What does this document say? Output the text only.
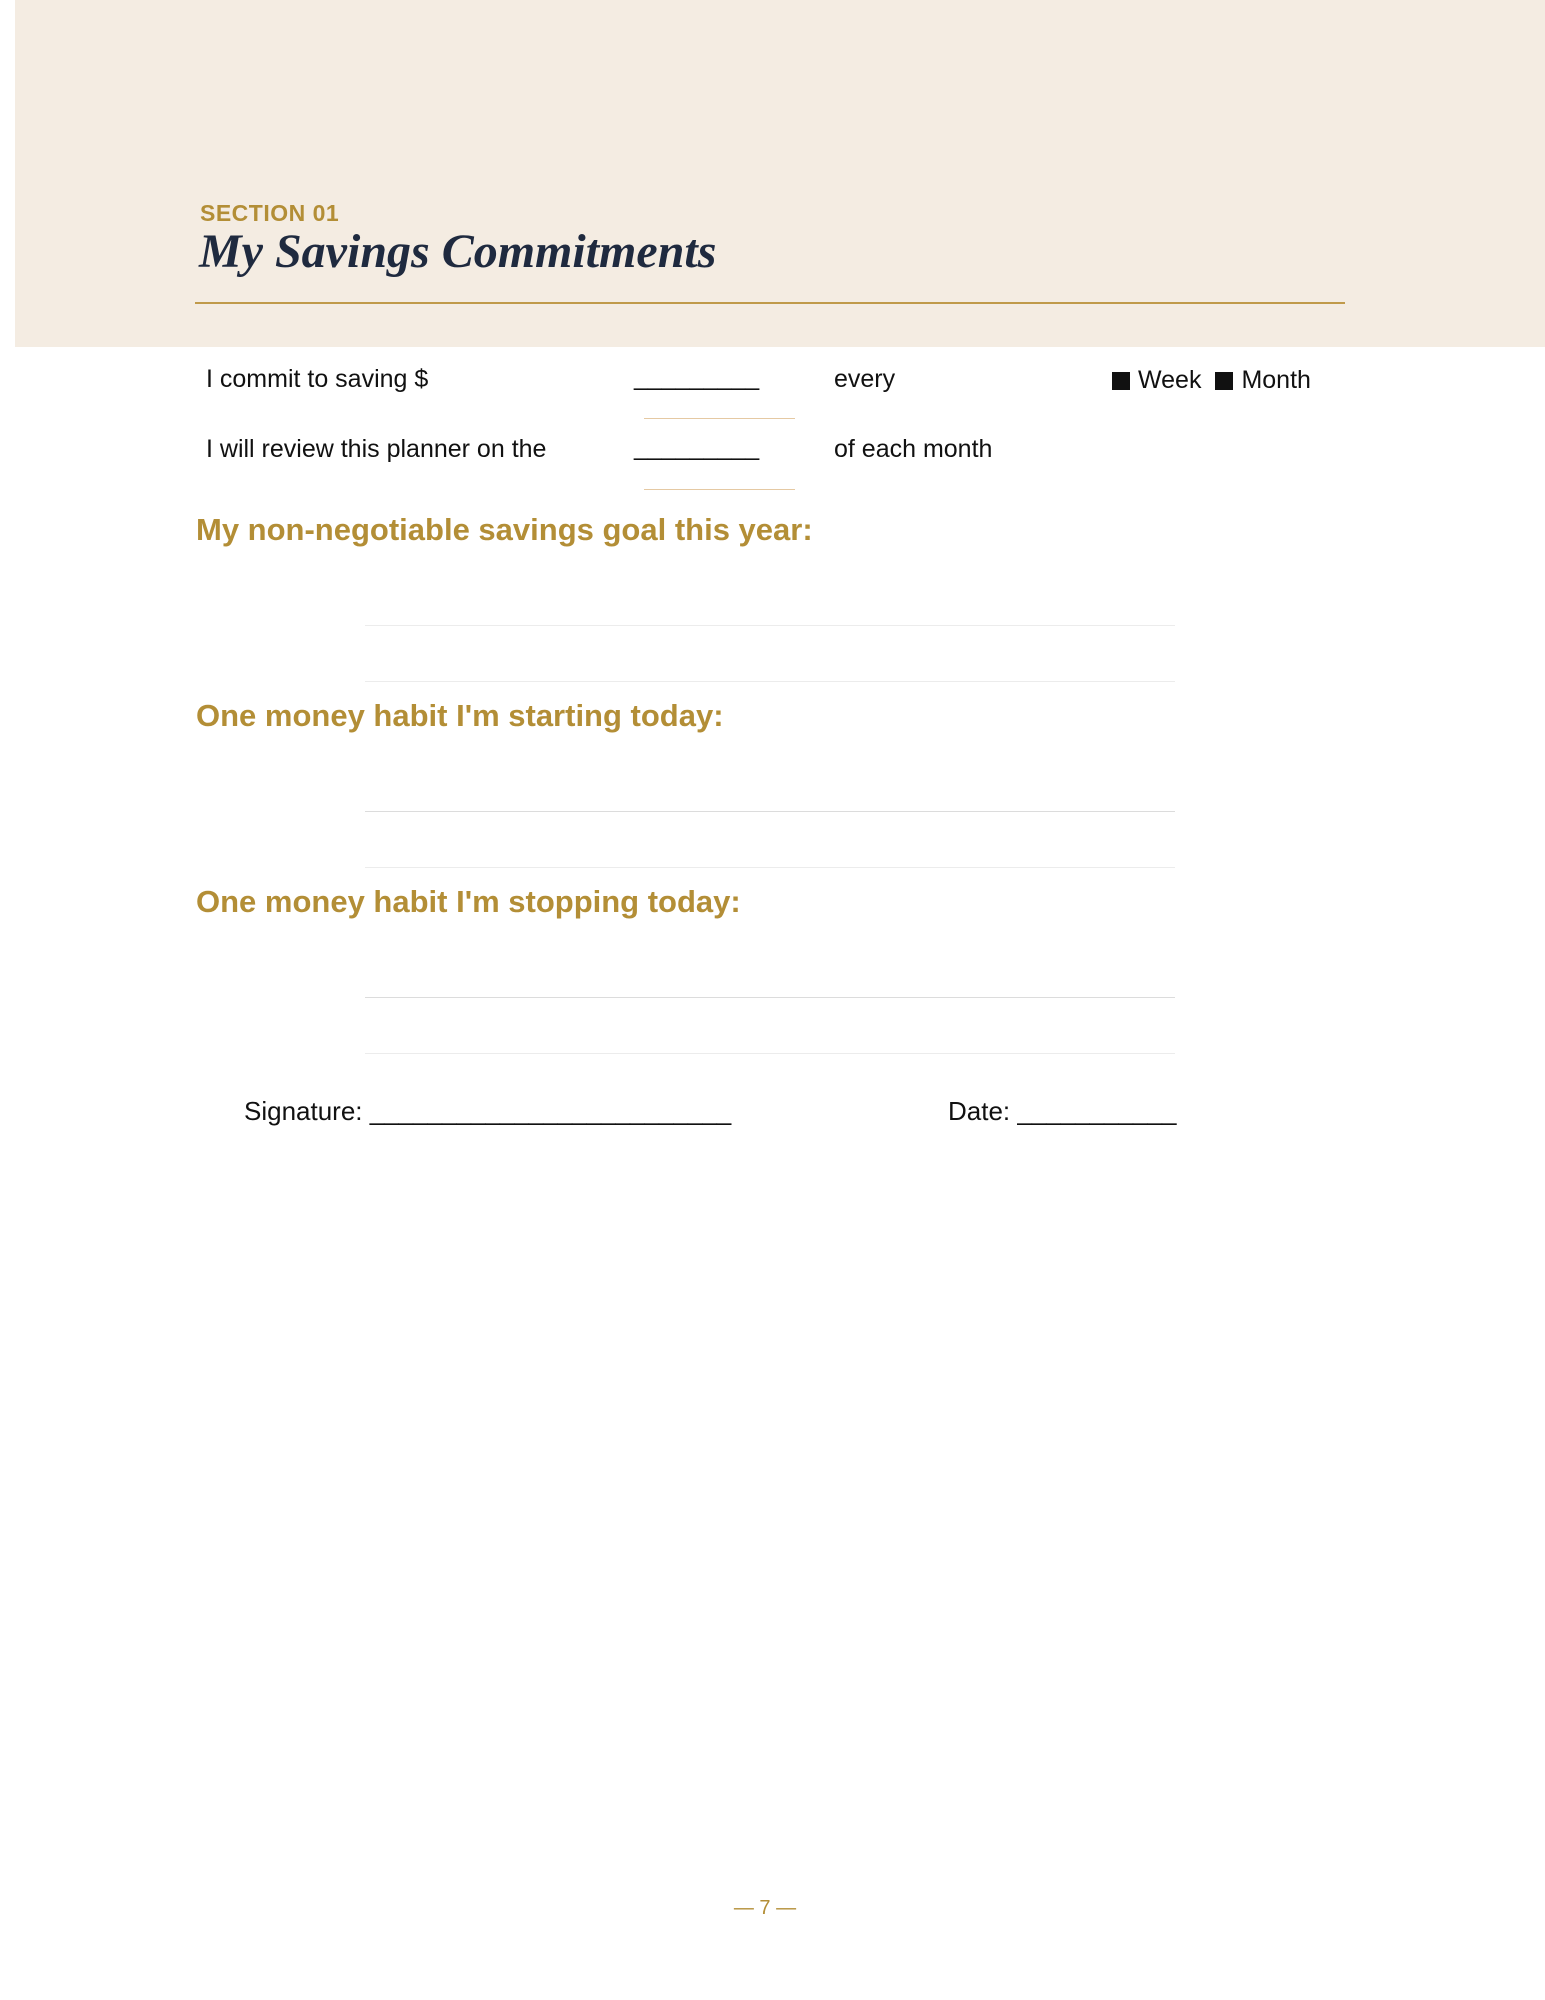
SECTION 01
My Savings Commitments
I commit to saving $	_________	every	Week Month
I will review this planner on the	_________	of each month
My non-negotiable savings goal this year:
One money habit I'm starting today:
One money habit I'm stopping today:
Signature: _________________________	Date: ___________
— 7 —
